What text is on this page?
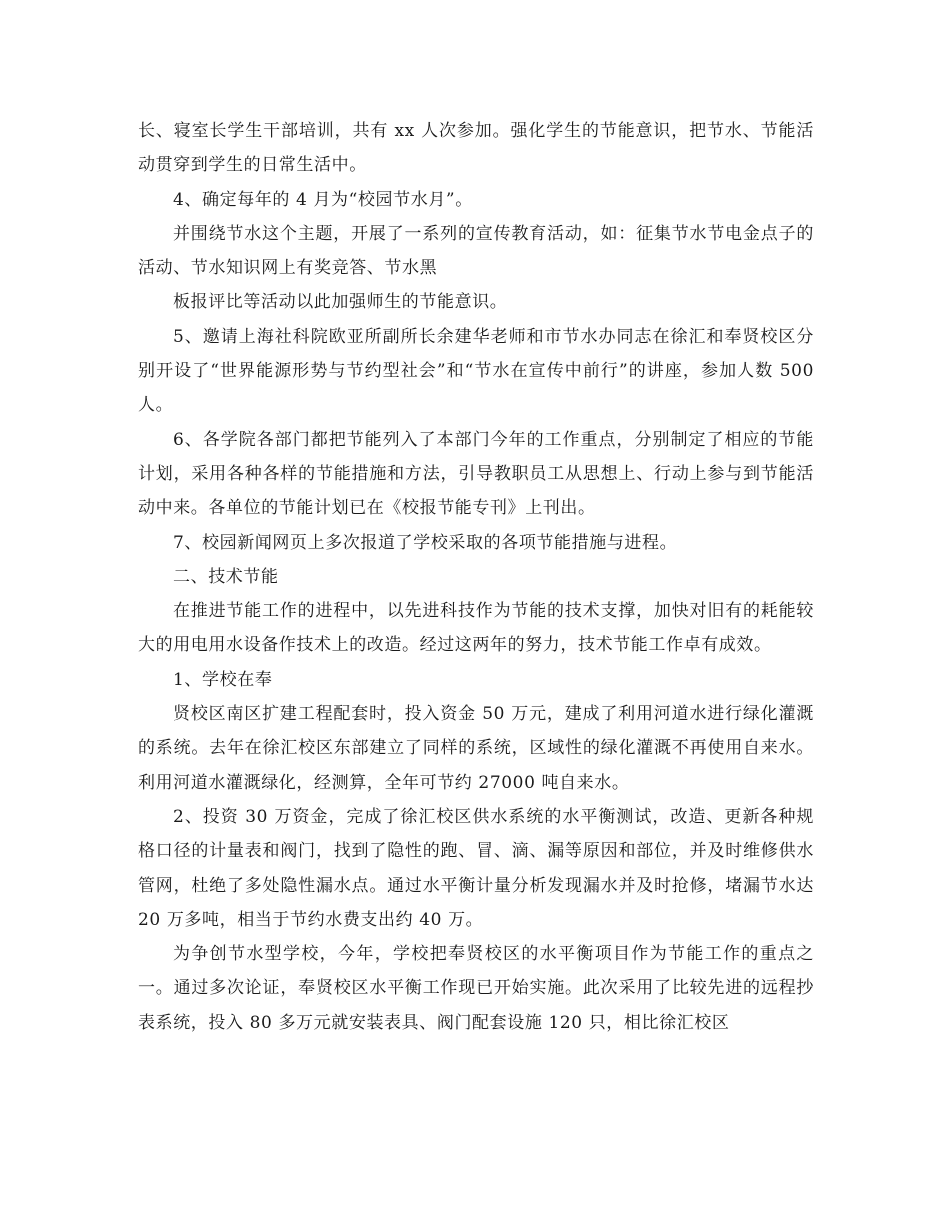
长、寝室长学生干部培训，共有 xx 人次参加。强化学生的节能意识，把节水、节能活动贯穿到学生的日常生活中。

4、确定每年的 4 月为“校园节水月”。

并围绕节水这个主题，开展了一系列的宣传教育活动，如：征集节水节电金点子的活动、节水知识网上有奖竞答、节水黑

板报评比等活动以此加强师生的节能意识。

5、邀请上海社科院欧亚所副所长余建华老师和市节水办同志在徐汇和奉贤校区分别开设了“世界能源形势与节约型社会”和“节水在宣传中前行”的讲座，参加人数 500 人。

6、各学院各部门都把节能列入了本部门今年的工作重点，分别制定了相应的节能计划，采用各种各样的节能措施和方法，引导教职员工从思想上、行动上参与到节能活动中来。各单位的节能计划已在《校报节能专刊》上刊出。

7、校园新闻网页上多次报道了学校采取的各项节能措施与进程。

二、技术节能

在推进节能工作的进程中，以先进科技作为节能的技术支撑，加快对旧有的耗能较大的用电用水设备作技术上的改造。经过这两年的努力，技术节能工作卓有成效。

1、学校在奉

贤校区南区扩建工程配套时，投入资金 50 万元，建成了利用河道水进行绿化灌溉的系统。去年在徐汇校区东部建立了同样的系统，区域性的绿化灌溉不再使用自来水。利用河道水灌溉绿化，经测算，全年可节约 27000 吨自来水。

2、投资 30 万资金，完成了徐汇校区供水系统的水平衡测试，改造、更新各种规格口径的计量表和阀门，找到了隐性的跑、冒、滴、漏等原因和部位，并及时维修供水管网，杜绝了多处隐性漏水点。通过水平衡计量分析发现漏水并及时抢修，堵漏节水达 20 万多吨，相当于节约水费支出约 40 万。

为争创节水型学校，今年，学校把奉贤校区的水平衡项目作为节能工作的重点之一。通过多次论证，奉贤校区水平衡工作现已开始实施。此次采用了比较先进的远程抄表系统，投入 80 多万元就安装表具、阀门配套设施 120 只，相比徐汇校区
